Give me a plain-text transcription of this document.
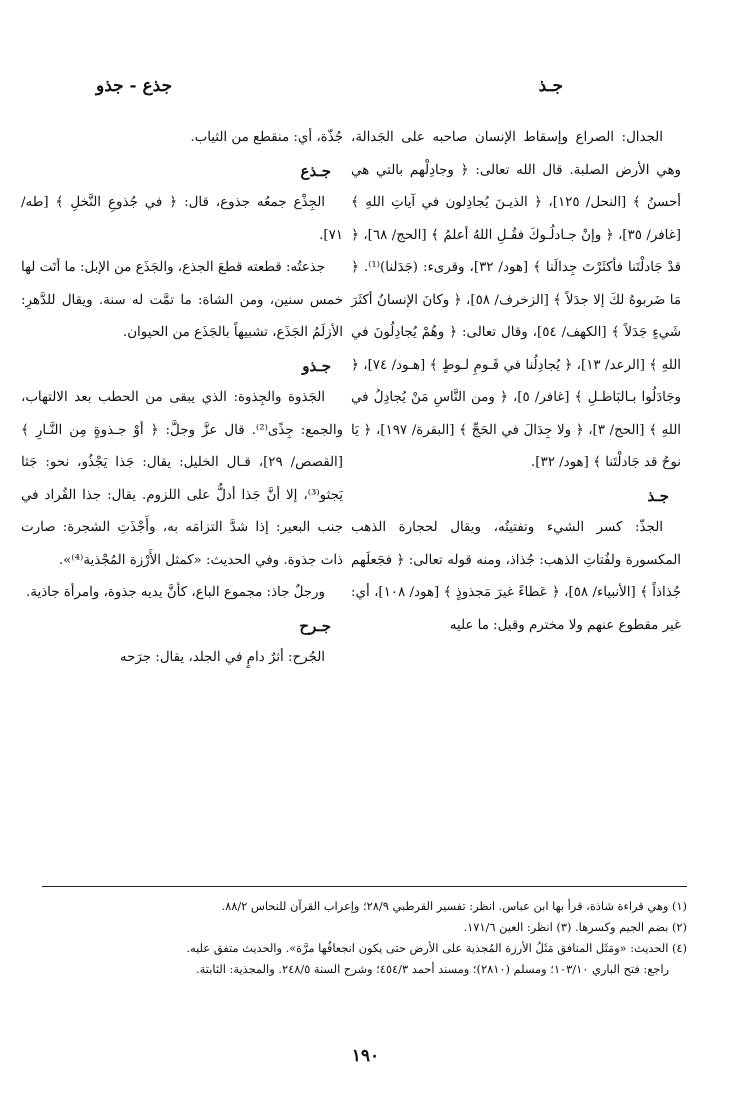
جـذ
جذع - جذو

الجدال: الصراع وإسقاط الإنسان صاحبه على الجَدالة، وهي الأرض الصلبة. قال الله تعالى: ﴿ وجادِلْهم بالتي هي أحسنُ ﴾ [النحل/ ١٢٥]، ﴿ الذيـنَ يُجادِلون في آياتِ اللهِ ﴾ [غافر/ ٣٥]، ﴿ وإنْ جـادلُـوكَ فقُـلِ اللهُ أعلمُ ﴾ [الحج/ ٦٨]، ﴿ قدْ جَادلْتَنا فأكثَرْتَ جِدالَنا ﴾ [هود/ ٣٢]، وقرىء: (جَدَلنا)⁽¹⁾. ﴿ مَا ضَربوهُ لكَ إلا جدَلاً ﴾ [الزخرف/ ٥٨]، ﴿ وكانَ الإنسانُ أكثَرَ شَيءٍ جَدَلاً ﴾ [الكهف/ ٥٤]، وقال تعالى: ﴿ وهُمْ يُجادِلُونَ في اللهِ ﴾ [الرعد/ ١٣]، ﴿ يُجادِلُنا في قَـومِ لـوطٍ ﴾ [هـود/ ٧٤]، ﴿ وجَادَلُوا بـالبَاطـلِ ﴾ [غافر/ ٥]، ﴿ ومن النَّاسِ مَنْ يُجادِلُ في اللهِ ﴾ [الحج/ ٣]، ﴿ ولا جِدَالَ في الحَجِّ ﴾ [البقرة/ ١٩٧]، ﴿ يَا نوحُ قد جَادلْتَنا ﴾ [هود/ ٣٢].

جـذ

الجذّ: كسر الشيء وتفتيتُه، ويقال لحجارة الذهب المكسورة ولفُتاتِ الذهب: جُذاذ، ومنه قوله تعالى: ﴿ فجَعلَهم جُذاذاً ﴾ [الأنبياء/ ٥٨]، ﴿ عَطاءً غيرَ مَجذوذٍ ﴾ [هود/ ١٠٨]، أي: غير مقطوع عنهم ولا مخترم وقيل: ما عليه

جُذّة، أي: منقطع من الثياب.

جـذع

الجِذْع جمعُه جذوع، قال: ﴿ في جُذوعِ النَّخلِ ﴾ [طه/ ٧١].

جذعتُه: قطعته قطعَ الجذع، والجَذَع من الإبل: ما أتَت لها خمس سنين، ومن الشاة: ما تمَّت له سنة. ويقال للدَّهرِ: الأزلَمُ الجَذَع، تشبيهاً بالجَذَع من الحيوان.

جـذو

الجَذوة والجِذوة: الذي يبقى من الحطب بعد الالتهاب، والجمع: جِذًى⁽²⁾. قال عزَّ وجلَّ: ﴿ أوْ جـذوةٍ مِن النَّـارِ ﴾ [القصص/ ٢٩]، قـال الخليل: يقال: جَذا يَجْذُو، نحو: جَثا يَجثو⁽³⁾، إلا أنَّ جَذا أدلُّ على اللزوم. يقال: جذا القُراد في جنب البعير: إذا شدَّ التزامَه به، وأَجْذَتِ الشجرة: صارت ذات جذوة. وفي الحديث: «كمثل الأَرْزة المُجْذية⁽⁴⁾».

ورجلٌ جاذ: مجموع الباع، كأنَّ يديه جذوة، وامرأة جاذية.

جـرح

الجُرح: أثرٌ دامٍ في الجلد، يقال: جرَحه

(١) وهي قراءة شاذة، قرأ بها ابن عباس. انظر: تفسير القرطبي ٢٨/٩؛ وإعراب القرآن للنحاس ٨٨/٢.

(٢) بضم الجيم وكسرها. (٣) انظر: العين ١٧١/٦.

(٤) الحديث: «ومَثَل المنافق مَثَلُ الأرزة المُجذية على الأرض حتى يكون انجعافُها مرَّة». والحديث متفق عليه.

راجع: فتح الباري ١٠٣/١٠؛ ومسلم (٢٨١٠)؛ ومسند أحمد ٤٥٤/٣؛ وشرح السنة ٢٤٨/٥. والمجذية: الثابتة.

١٩٠
